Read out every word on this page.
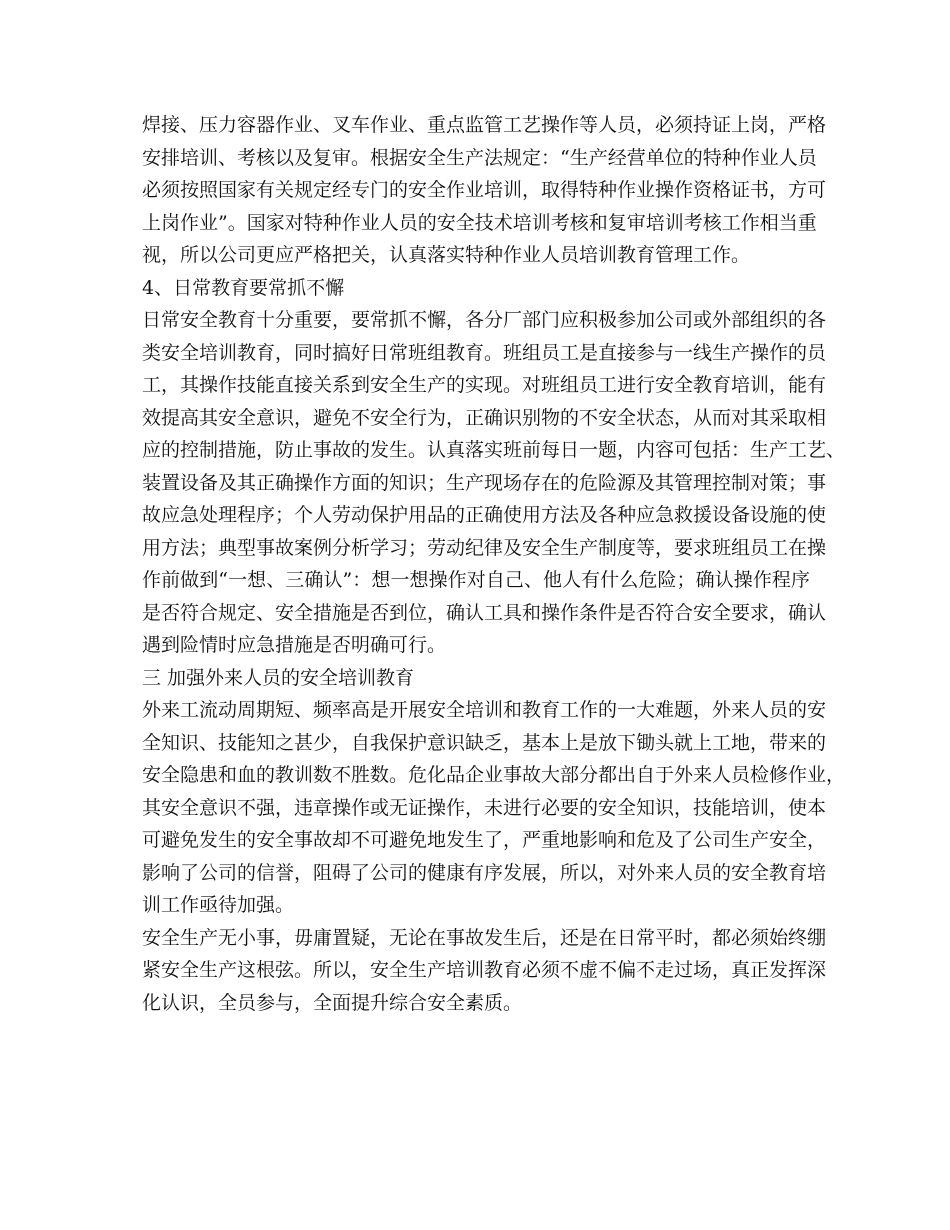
焊接、压力容器作业、叉车作业、重点监管工艺操作等人员，必须持证上岗，严格
安排培训、考核以及复审。根据安全生产法规定：“生产经营单位的特种作业人员
必须按照国家有关规定经专门的安全作业培训，取得特种作业操作资格证书，方可
上岗作业”。国家对特种作业人员的安全技术培训考核和复审培训考核工作相当重
视，所以公司更应严格把关，认真落实特种作业人员培训教育管理工作。
4、日常教育要常抓不懈
日常安全教育十分重要，要常抓不懈，各分厂部门应积极参加公司或外部组织的各
类安全培训教育，同时搞好日常班组教育。班组员工是直接参与一线生产操作的员
工，其操作技能直接关系到安全生产的实现。对班组员工进行安全教育培训，能有
效提高其安全意识，避免不安全行为，正确识别物的不安全状态，从而对其采取相
应的控制措施，防止事故的发生。认真落实班前每日一题，内容可包括：生产工艺、
装置设备及其正确操作方面的知识；生产现场存在的危险源及其管理控制对策；事
故应急处理程序；个人劳动保护用品的正确使用方法及各种应急救援设备设施的使
用方法；典型事故案例分析学习；劳动纪律及安全生产制度等，要求班组员工在操
作前做到“一想、三确认”：想一想操作对自己、他人有什么危险；确认操作程序
是否符合规定、安全措施是否到位，确认工具和操作条件是否符合安全要求，确认
遇到险情时应急措施是否明确可行。
三 加强外来人员的安全培训教育
外来工流动周期短、频率高是开展安全培训和教育工作的一大难题，外来人员的安
全知识、技能知之甚少，自我保护意识缺乏，基本上是放下锄头就上工地，带来的
安全隐患和血的教训数不胜数。危化品企业事故大部分都出自于外来人员检修作业，
其安全意识不强，违章操作或无证操作，未进行必要的安全知识，技能培训，使本
可避免发生的安全事故却不可避免地发生了，严重地影响和危及了公司生产安全，
影响了公司的信誉，阻碍了公司的健康有序发展，所以，对外来人员的安全教育培
训工作亟待加强。
安全生产无小事，毋庸置疑，无论在事故发生后，还是在日常平时，都必须始终绷
紧安全生产这根弦。所以，安全生产培训教育必须不虚不偏不走过场，真正发挥深
化认识，全员参与，全面提升综合安全素质。
